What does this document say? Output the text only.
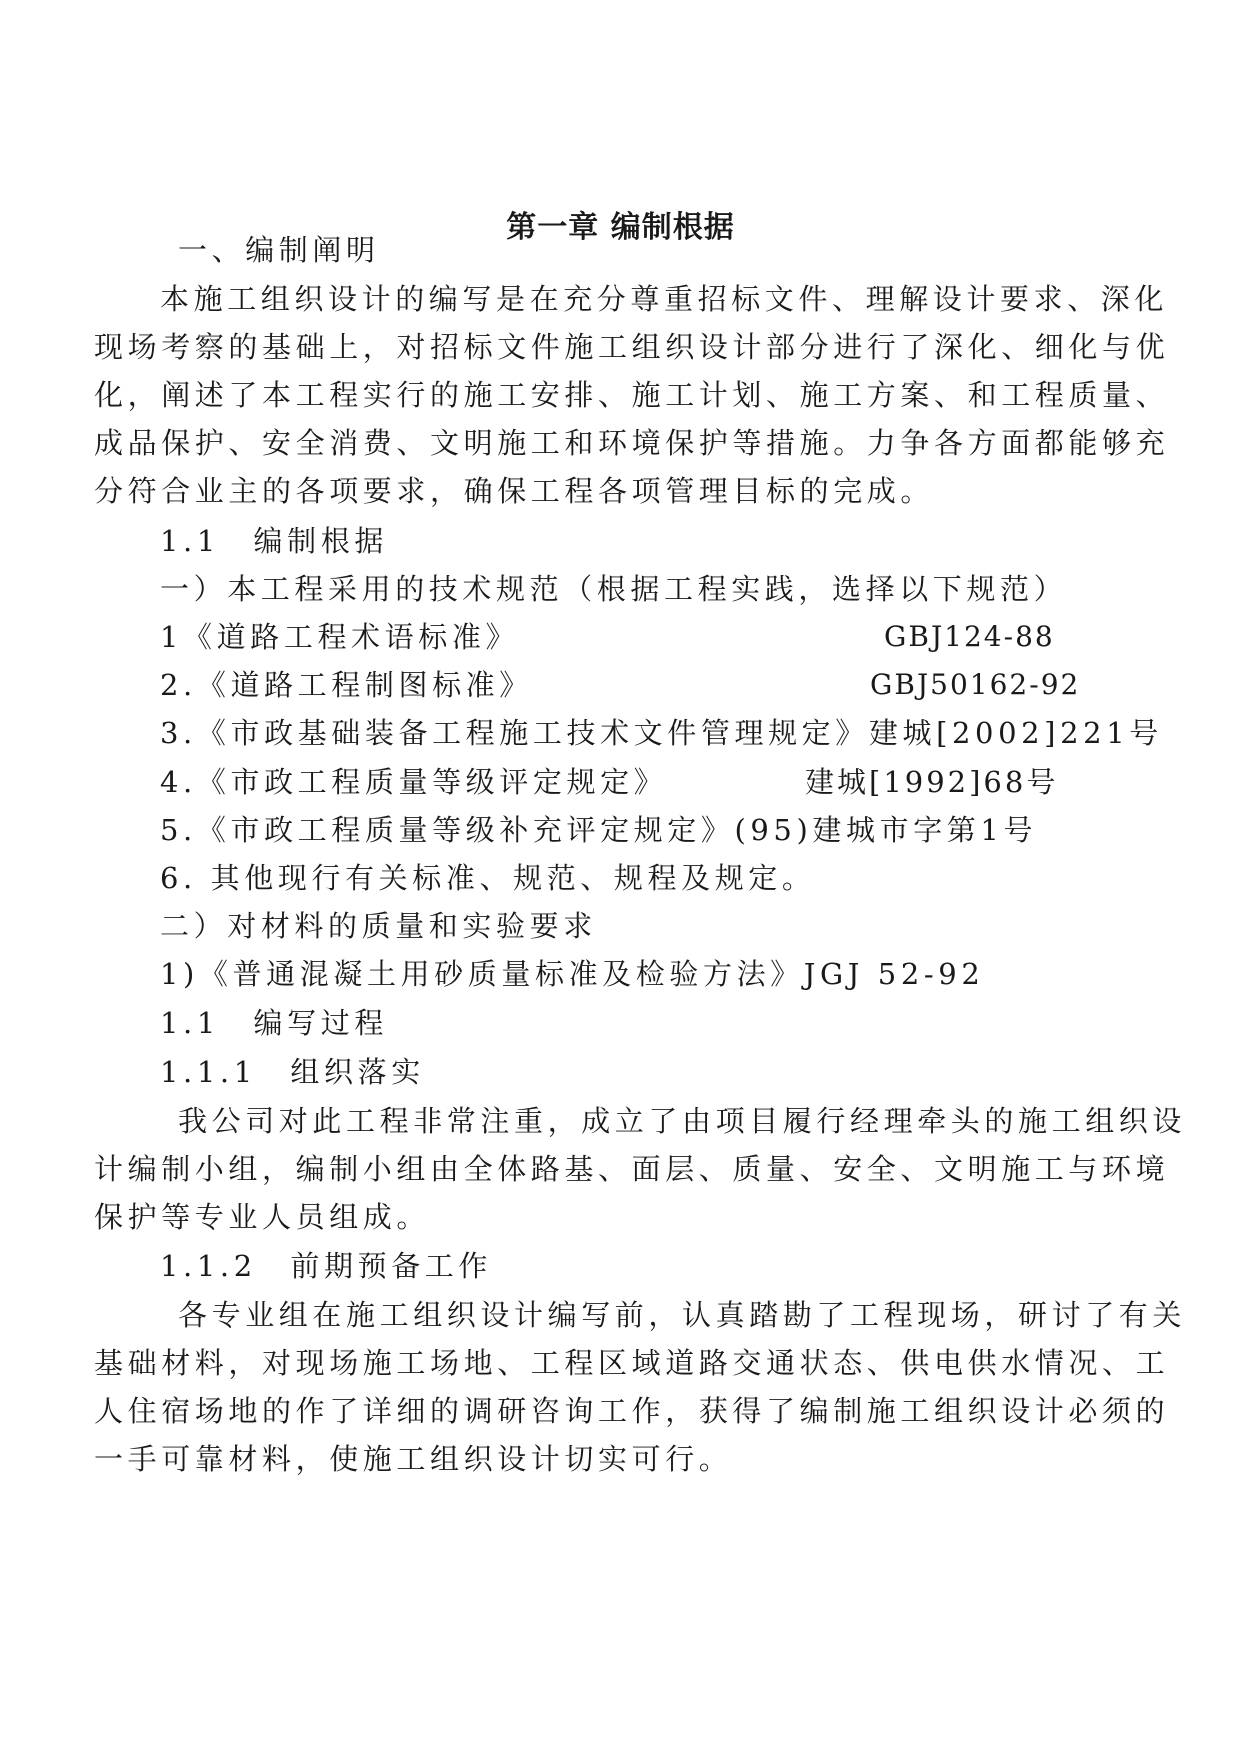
第一章 编制根据
一、编制阐明
本施工组织设计的编写是在充分尊重招标文件、理解设计要求、深化
现场考察的基础上，对招标文件施工组织设计部分进行了深化、细化与优
化，阐述了本工程实行的施工安排、施工计划、施工方案、和工程质量、
成品保护、安全消费、文明施工和环境保护等措施。力争各方面都能够充
分符合业主的各项要求，确保工程各项管理目标的完成。
1.1　编制根据
一）本工程采用的技术规范（根据工程实践，选择以下规范）
1《道路工程术语标准》	GBJ124-88
2.《道路工程制图标准》	GBJ50162-92
3.《市政基础装备工程施工技术文件管理规定》建城[2002]221号
4.《市政工程质量等级评定规定》	建城[1992]68号
5.《市政工程质量等级补充评定规定》(95)建城市字第1号
6. 其他现行有关标准、规范、规程及规定。
二）对材料的质量和实验要求
1)《普通混凝土用砂质量标准及检验方法》JGJ 52-92
1.1　编写过程
1.1.1　组织落实
我公司对此工程非常注重，成立了由项目履行经理牵头的施工组织设
计编制小组，编制小组由全体路基、面层、质量、安全、文明施工与环境
保护等专业人员组成。
1.1.2　前期预备工作
各专业组在施工组织设计编写前，认真踏勘了工程现场，研讨了有关
基础材料，对现场施工场地、工程区域道路交通状态、供电供水情况、工
人住宿场地的作了详细的调研咨询工作，获得了编制施工组织设计必须的
一手可靠材料，使施工组织设计切实可行。
